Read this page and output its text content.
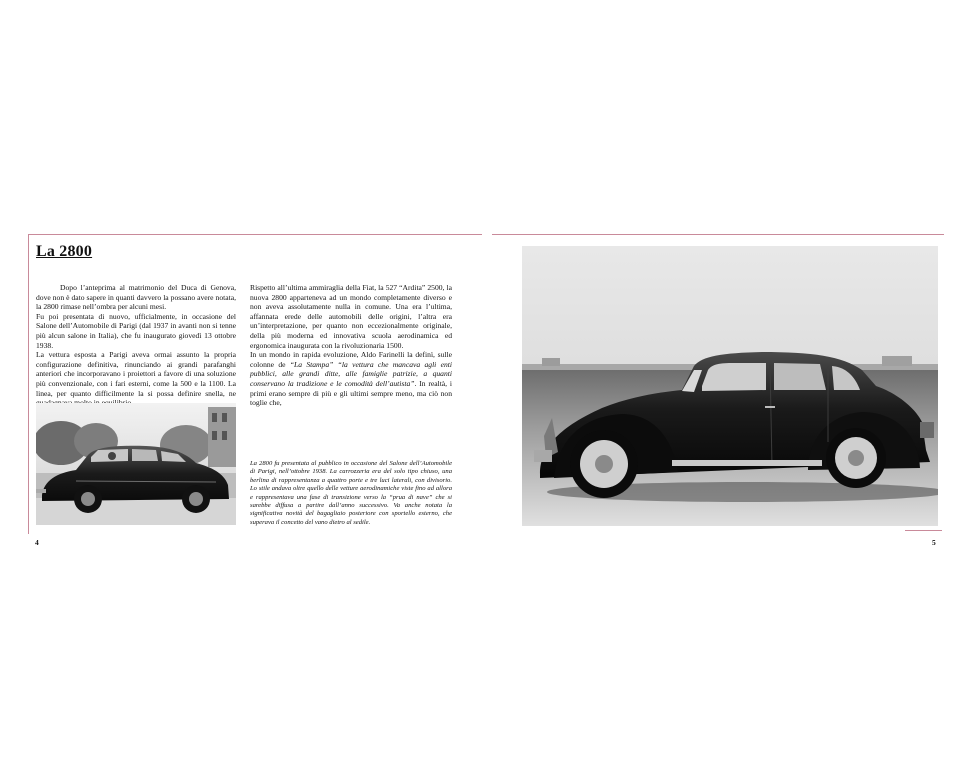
La 2800

Dopo l’anteprima al matrimonio del Duca di Genova, dove non è dato sapere in quanti davvero la possano avere notata, la 2800 rimase nell’ombra per alcuni mesi.

Fu poi presentata di nuovo, ufficialmente, in occasione del Salone dell’Automobile di Parigi (dal 1937 in avanti non si tenne più alcun salone in Italia), che fu inaugurato giovedì 13 ottobre 1938.

La vettura esposta a Parigi aveva ormai assunto la propria configurazione definitiva, rinunciando ai grandi parafanghi anteriori che incorporavano i proiettori a favore di una soluzione più convenzionale, con i fari esterni, come la 500 e la 1100. La linea, per quanto difficilmente la si possa definire snella, ne

Rispetto all’ultima ammiraglia della Fiat, la 527 “Ardita” 2500, la nuova 2800 apparteneva ad un mondo completamente diverso e non aveva assolutamente nulla in comune. Una era l’ultima, affannata erede delle automobili delle origini, l’altra era un’interpretazione, per quanto non eccezionalmente originale, della più moderna ed innovativa scuola aerodinamica ed ergonomica inaugurata con la rivoluzionaria 1500.

In un mondo in rapida evoluzione, Aldo Farinelli la definì, sulle colonne de “La Stampa” “la vettura che mancava agli enti pubblici, alle grandi ditte, alle famiglie patrizie, a quanti conservano la tradizione e le comodità dell’autista”. In realtà, i primi erano sempre di più e gli ultimi sempre meno, ma ciò non toglie che,

La 2800 fu presentata al pubblico in occasione del Salone dell’Automobile di Parigi, nell’ottobre 1938. La carrozzeria era del solo tipo chiuso, una berlina di rappresentanza a quattro porte e tre luci laterali, con divisorio. Lo stile andava oltre quello delle vetture aerodinamiche viste fino ad allora e rappresentava una fase di transizione verso la “prua di nave” che si sarebbe diffusa a partire dall’anno successivo. Va anche notata la significativa novità del bagagliaio posteriore con sportello esterno, che superava il concetto del vano dietro al sedile.
4	5
